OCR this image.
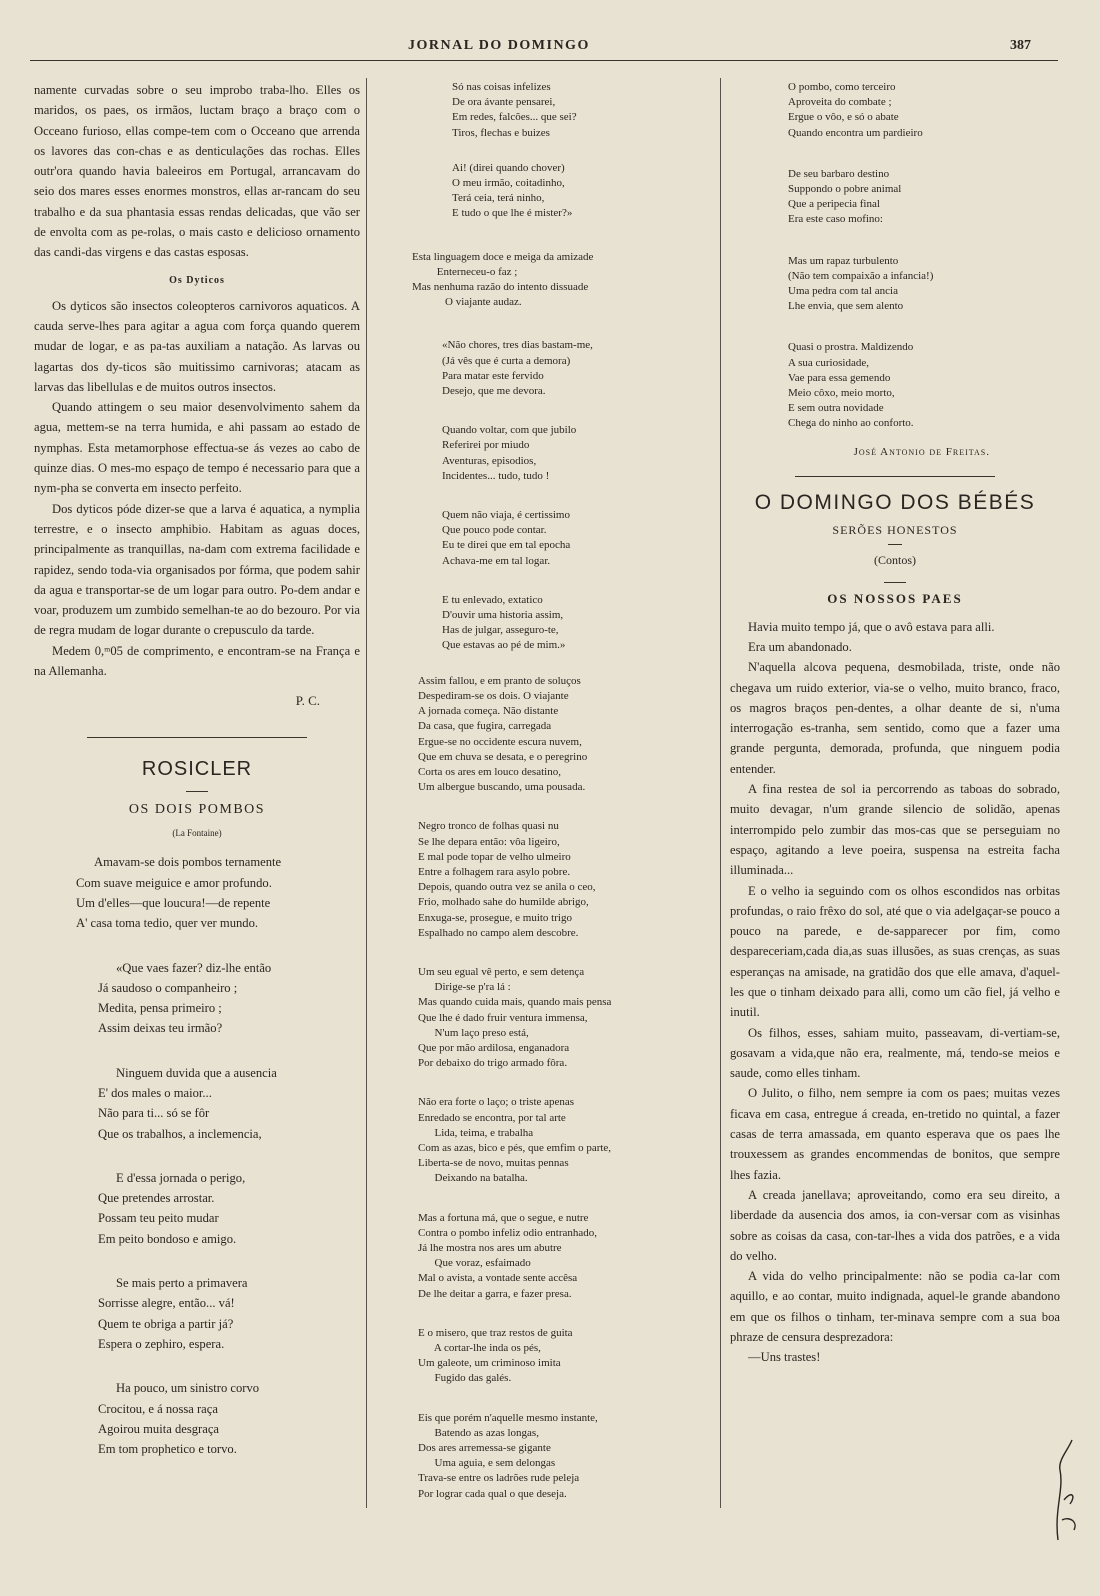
JORNAL DO DOMINGO	387

namente curvadas sobre o seu improbo traba-lho. Elles os maridos, os paes, os irmãos, luctam braço a braço com o Occeano furioso, ellas compe-tem com o Occeano que arrenda os lavores das con-chas e as denticulações das rochas. Elles outr'ora quando havia baleeiros em Portugal, arrancavam do seio dos mares esses enormes monstros, ellas ar-rancam do seu trabalho e da sua phantasia essas rendas delicadas, que vão ser de envolta com as pe-rolas, o mais casto e delicioso ornamento das candi-das virgens e das castas esposas.

Os Dyticos

Os dyticos são insectos coleopteros carnivoros aquaticos. A cauda serve-lhes para agitar a agua com força quando querem mudar de logar, e as pa-tas auxiliam a natação. As larvas ou lagartas dos dy-ticos são muitissimo carnivoras; atacam as larvas das libellulas e de muitos outros insectos.

Quando attingem o seu maior desenvolvimento sahem da agua, mettem-se na terra humida, e ahi passam ao estado de nymphas. Esta metamorphose effectua-se ás vezes ao cabo de quinze dias. O mes-mo espaço de tempo é necessario para que a nym-pha se converta em insecto perfeito.

Dos dyticos póde dizer-se que a larva é aquatica, a nymplia terrestre, e o insecto amphibio. Habitam as aguas doces, principalmente as tranquillas, na-dam com extrema facilidade e rapidez, sendo toda-via organisados por fórma, que podem sahir da agua e transportar-se de um logar para outro. Po-dem andar e voar, produzem um zumbido semelhan-te ao do bezouro. Por via de regra mudam de logar durante o crepusculo da tarde.

Medem 0,ᵐ05 de comprimento, e encontram-se na França e na Allemanha.

P. C.
ROSICLER
OS DOIS POMBOS
(La Fontaine)

Amavam-se dois pombos ternamente
Com suave meiguice e amor profundo.
Um d'elles—que loucura!—de repente
A' casa toma tedio, quer ver mundo.

«Que vaes fazer? diz-lhe então
Já saudoso o companheiro ;
Medita, pensa primeiro ;
Assim deixas teu irmão?

Ninguem duvida que a ausencia
E' dos males o maior...
Não para ti... só se fôr
Que os trabalhos, a inclemencia,

E d'essa jornada o perigo,
Que pretendes arrostar.
Possam teu peito mudar
Em peito bondoso e amigo.

Se mais perto a primavera
Sorrisse alegre, então... vá!
Quem te obriga a partir já?
Espera o zephiro, espera.

Ha pouco, um sinistro corvo
Crocitou, e á nossa raça
Agoirou muita desgraça
Em tom prophetico e torvo.

Só nas coisas infelizes
De ora ávante pensarei,
Em redes, falcões... que sei?
Tiros, flechas e buizes

Ai! (direi quando chover)
O meu irmão, coitadinho,
Terá ceia, terá ninho,
E tudo o que lhe é mister?»

Esta linguagem doce e meiga da amizade
Enterneceu-o faz ;
Mas nenhuma razão do intento dissuade
O viajante audaz.

«Não chores, tres dias bastam-me,
(Já vês que é curta a demora)
Para matar este fervido
Desejo, que me devora.

Quando voltar, com que jubilo
Referirei por miudo
Aventuras, episodios,
Incidentes... tudo, tudo !

Quem não viaja, é certissimo
Que pouco pode contar.
Eu te direi que em tal epocha
Achava-me em tal logar.

E tu enlevado, extatico
D'ouvir uma historia assim,
Has de julgar, asseguro-te,
Que estavas ao pé de mim.»

Assim fallou, e em pranto de soluços
Despediram-se os dois. O viajante
A jornada começa. Não distante
Da casa, que fugira, carregada
Ergue-se no occidente escura nuvem,
Que em chuva se desata, e o peregrino
Corta os ares em louco desatino,
Um albergue buscando, uma pousada.

Negro tronco de folhas quasi nu
Se lhe depara então: vôa ligeiro,
E mal pode topar de velho ulmeiro
Entre a folhagem rara asylo pobre.
Depois, quando outra vez se anila o ceo,
Frio, molhado sahe do humilde abrigo,
Enxuga-se, prosegue, e muito trigo
Espalhado no campo alem descobre.

Um seu egual vê perto, e sem detença
Dirige-se p'ra lá :
Mas quando cuida mais, quando mais pensa
Que lhe é dado fruir ventura immensa,
N'um laço preso está,
Que por mão ardilosa, enganadora
Por debaixo do trigo armado fôra.

Não era forte o laço; o triste apenas
Enredado se encontra, por tal arte
Lida, teima, e trabalha
Com as azas, bico e pés, que emfim o parte,
Liberta-se de novo, muitas pennas
Deixando na batalha.

Mas a fortuna má, que o segue, e nutre
Contra o pombo infeliz odio entranhado,
Já lhe mostra nos ares um abutre
Que voraz, esfaimado
Mal o avista, a vontade sente accêsa
De lhe deitar a garra, e fazer presa.

E o misero, que traz restos de guita
A cortar-lhe inda os pés,
Um galeote, um criminoso imita
Fugido das galés.

Eis que porém n'aquelle mesmo instante,
Batendo as azas longas,
Dos ares arremessa-se gigante
Uma aguia, e sem delongas
Trava-se entre os ladrões rude peleja
Por lograr cada qual o que deseja.

O pombo, como terceiro
Aproveita do combate ;
Ergue o vôo, e só o abate
Quando encontra um pardieiro

De seu barbaro destino
Suppondo o pobre animal
Que a peripecia final
Era este caso mofino:

Mas um rapaz turbulento
(Não tem compaixão a infancia!)
Uma pedra com tal ancia
Lhe envia, que sem alento

Quasi o prostra. Maldizendo
A sua curiosidade,
Vae para essa gemendo
Meio côxo, meio morto,
E sem outra novidade
Chega do ninho ao conforto.

José Antonio de Freitas.
O DOMINGO DOS BÉBÉS
SERÕES HONESTOS
(Contos)
OS NOSSOS PAES

Havia muito tempo já, que o avô estava para alli.

Era um abandonado.

N'aquella alcova pequena, desmobilada, triste, onde não chegava um ruido exterior, via-se o velho, muito branco, fraco, os magros braços pen-dentes, a olhar deante de si, n'uma interrogação es-tranha, sem sentido, como que a fazer uma grande pergunta, demorada, profunda, que ninguem podia entender.

A fina restea de sol ia percorrendo as taboas do sobrado, muito devagar, n'um grande silencio de solidão, apenas interrompido pelo zumbir das mos-cas que se perseguiam no espaço, agitando a leve poeira, suspensa na estreita facha illuminada...

E o velho ia seguindo com os olhos escondidos nas orbitas profundas, o raio frêxo do sol, até que o via adelgaçar-se pouco a pouco na parede, e de-sapparecer por fim, como despareceriam,cada dia,as suas illusões, as suas crenças, as suas esperanças na amisade, na gratidão dos que elle amava, d'aquel-les que o tinham deixado para alli, como um cão fiel, já velho e inutil.

Os filhos, esses, sahiam muito, passeavam, di-vertiam-se, gosavam a vida,que não era, realmente, má, tendo-se meios e saude, como elles tinham.

O Julito, o filho, nem sempre ia com os paes; muitas vezes ficava em casa, entregue á creada, en-tretido no quintal, a fazer casas de terra amassada, em quanto esperava que os paes lhe trouxessem as grandes encommendas de bonitos, que sempre lhes fazia.

A creada janellava; aproveitando, como era seu direito, a liberdade da ausencia dos amos, ia con-versar com as visinhas sobre as coisas da casa, con-tar-lhes a vida dos patrões, e a vida do velho.

A vida do velho principalmente: não se podia ca-lar com aquillo, e ao contar, muito indignada, aquel-le grande abandono em que os filhos o tinham, ter-minava sempre com a sua boa phraze de censura desprezadora:

—Uns trastes!
